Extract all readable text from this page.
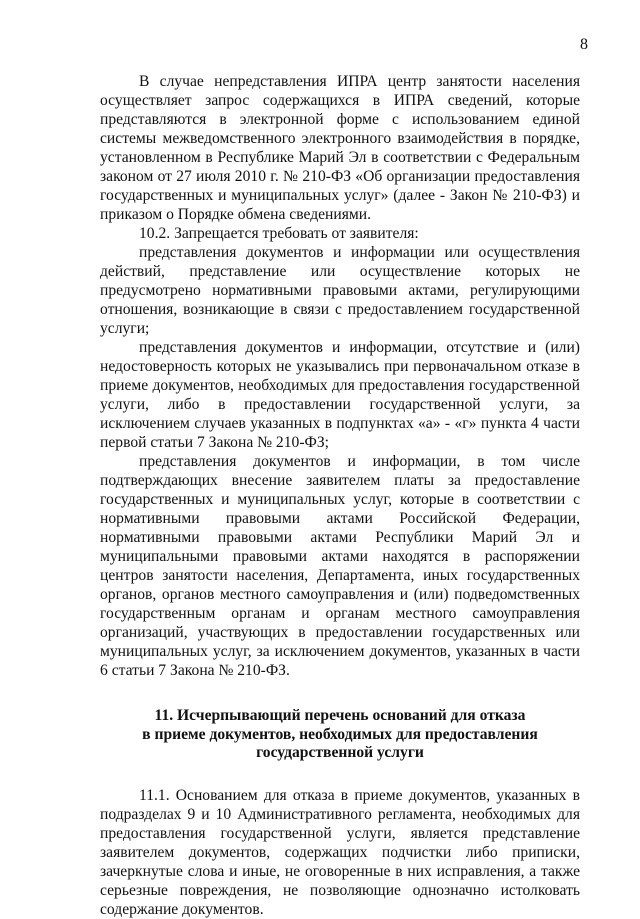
8

В случае непредставления ИПРА центр занятости населения осуществляет запрос содержащихся в ИПРА сведений, которые представляются в электронной форме с использованием единой системы межведомственного электронного взаимодействия в порядке, установленном в Республике Марий Эл в соответствии с Федеральным законом от 27 июля 2010 г. № 210-ФЗ «Об организации предоставления государственных и муниципальных услуг» (далее - Закон № 210-ФЗ) и приказом о Порядке обмена сведениями.

10.2. Запрещается требовать от заявителя:

представления документов и информации или осуществления действий, представление или осуществление которых не предусмотрено нормативными правовыми актами, регулирующими отношения, возникающие в связи с предоставлением государственной услуги;

представления документов и информации, отсутствие и (или) недостоверность которых не указывались при первоначальном отказе в приеме документов, необходимых для предоставления государственной услуги, либо в предоставлении государственной услуги, за исключением случаев указанных в подпунктах «а» - «г» пункта 4 части первой статьи 7 Закона № 210-ФЗ;

представления документов и информации, в том числе подтверждающих внесение заявителем платы за предоставление государственных и муниципальных услуг, которые в соответствии с нормативными правовыми актами Российской Федерации, нормативными правовыми актами Республики Марий Эл и муниципальными правовыми актами находятся в распоряжении центров занятости населения, Департамента, иных государственных органов, органов местного самоуправления и (или) подведомственных государственным органам и органам местного самоуправления организаций, участвующих в предоставлении государственных или муниципальных услуг, за исключением документов, указанных в части 6 статьи 7 Закона № 210-ФЗ.

11. Исчерпывающий перечень оснований для отказа
в приеме документов, необходимых для предоставления
государственной услуги

11.1. Основанием для отказа в приеме документов, указанных в подразделах 9 и 10 Административного регламента, необходимых для предоставления государственной услуги, является представление заявителем документов, содержащих подчистки либо приписки, зачеркнутые слова и иные, не оговоренные в них исправления, а также серьезные повреждения, не позволяющие однозначно истолковать содержание документов.
